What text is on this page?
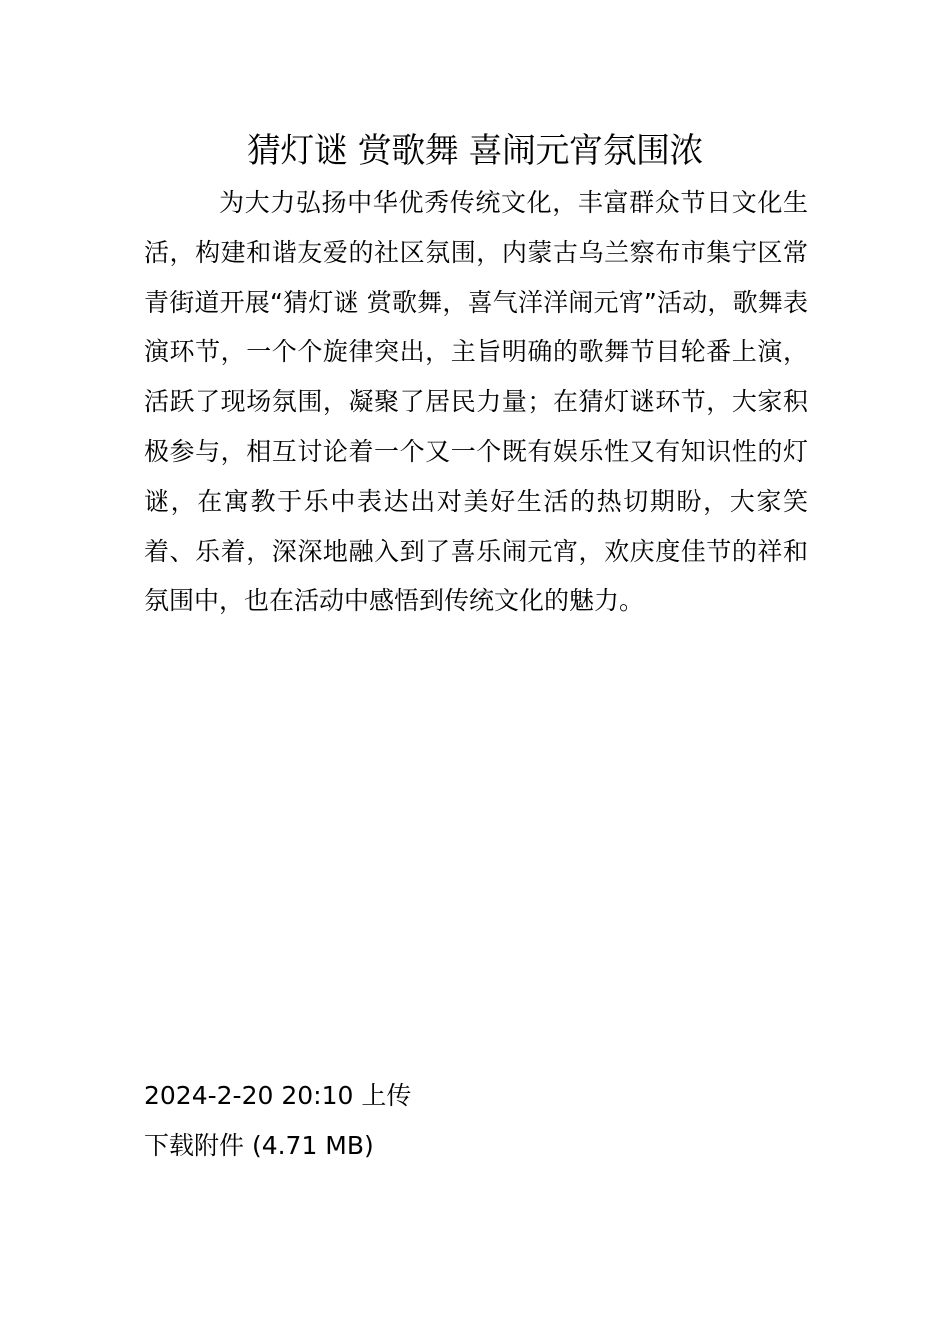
猜灯谜 赏歌舞 喜闹元宵氛围浓

为大力弘扬中华优秀传统文化，丰富群众节日文化生活，构建和谐友爱的社区氛围，内蒙古乌兰察布市集宁区常青街道开展“猜灯谜 赏歌舞，喜气洋洋闹元宵”活动，歌舞表演环节，一个个旋律突出，主旨明确的歌舞节目轮番上演，活跃了现场氛围，凝聚了居民力量；在猜灯谜环节，大家积极参与，相互讨论着一个又一个既有娱乐性又有知识性的灯谜，在寓教于乐中表达出对美好生活的热切期盼，大家笑着、乐着，深深地融入到了喜乐闹元宵，欢庆度佳节的祥和氛围中，也在活动中感悟到传统文化的魅力。

2024-2-20 20:10 上传
下载附件 (4.71 MB)
